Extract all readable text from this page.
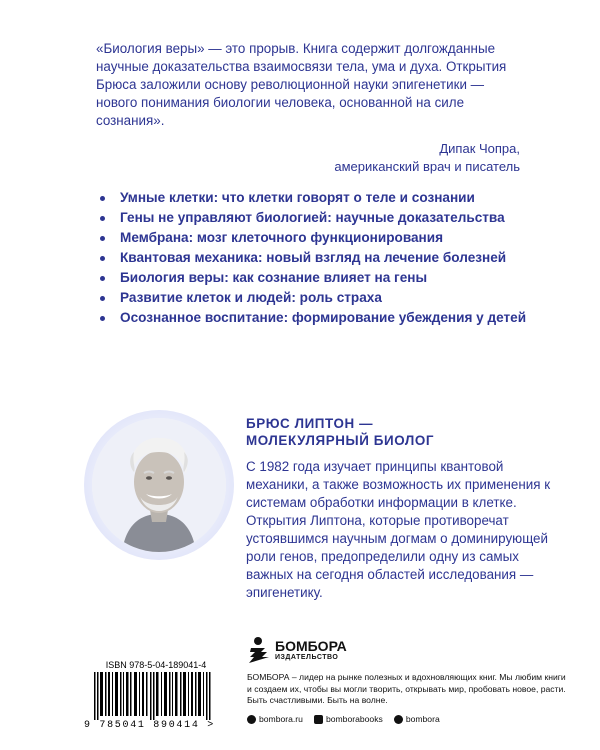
«Биология веры» — это прорыв. Книга содержит долгожданные научные доказательства взаимосвязи тела, ума и духа. Открытия Брюса заложили основу революционной науки эпигенетики — нового понимания биологии человека, основанной на силе сознания».
Дипак Чопра,
американский врач и писатель
Умные клетки: что клетки говорят о теле и сознании
Гены не управляют биологией: научные доказательства
Мембрана: мозг клеточного функционирования
Квантовая механика: новый взгляд на лечение болезней
Биология веры: как сознание влияет на гены
Развитие клеток и людей: роль страха
Осознанное воспитание: формирование убеждения у детей
БРЮС ЛИПТОН —
МОЛЕКУЛЯРНЫЙ БИОЛОГ

С 1982 года изучает принципы квантовой механики, а также возможность их применения к системам обработки информации в клетке. Открытия Липтона, которые противоречат устоявшимся научным догмам о доминирующей роли генов, предопределили одну из самых важных на сегодня областей исследования — эпигенетику.

ISBN 978-5-04-189041-4
9 785041 890414 >
БОМБОРА
ИЗДАТЕЛЬСТВО

БОМБОРА – лидер на рынке полезных и вдохновляющих книг. Мы любим книги и создаем их, чтобы вы могли творить, открывать мир, пробовать новое, расти. Быть счастливыми. Быть на волне.

bombora.ru	bomborabooks	bombora
